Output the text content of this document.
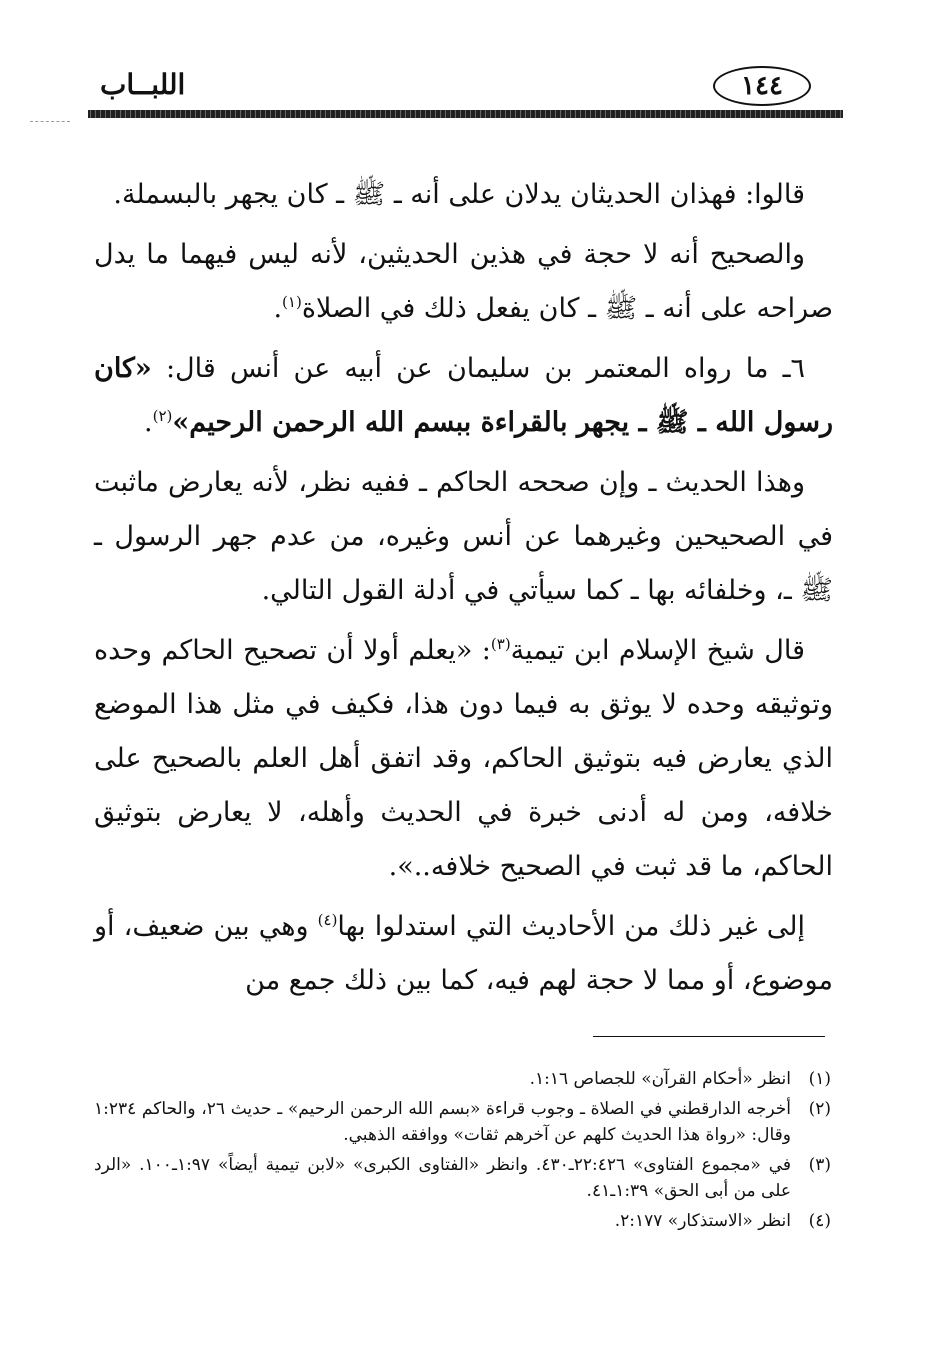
١٤٤
اللبــاب

قالوا: فهذان الحديثان يدلان على أنه ـ ﷺ ـ كان يجهر بالبسملة.

والصحيح أنه لا حجة في هذين الحديثين، لأنه ليس فيهما ما يدل صراحه على أنه ـ ﷺ ـ كان يفعل ذلك في الصلاة$^{(١)}$.

٦ـ ما رواه المعتمر بن سليمان عن أبيه عن أنس قال: «كان رسول الله ـ ﷺ ـ يجهر بالقراءة ببسم الله الرحمن الرحيم»$^{(٢)}$.

وهذا الحديث ـ وإن صححه الحاكم ـ ففيه نظر، لأنه يعارض ماثبت في الصحيحين وغيرهما عن أنس وغيره، من عدم جهر الرسول ـ ﷺ ـ، وخلفائه بها ـ كما سيأتي في أدلة القول التالي.

قال شيخ الإسلام ابن تيمية$^{(٣)}$: «يعلم أولا أن تصحيح الحاكم وحده وتوثيقه وحده لا يوثق به فيما دون هذا، فكيف في مثل هذا الموضع الذي يعارض فيه بتوثيق الحاكم، وقد اتفق أهل العلم بالصحيح على خلافه، ومن له أدنى خبرة في الحديث وأهله، لا يعارض بتوثيق الحاكم، ما قد ثبت في الصحيح خلافه..».

إلى غير ذلك من الأحاديث التي استدلوا بها$^{(٤)}$ وهي بين ضعيف، أو موضوع، أو مما لا حجة لهم فيه، كما بين ذلك جمع من

(١)
انظر «أحكام القرآن» للجصاص ١:١٦.
(٢)
أخرجه الدارقطني في الصلاة ـ وجوب قراءة «بسم الله الرحمن الرحيم» ـ حديث ٢٦، والحاكم ١:٢٣٤ وقال: «رواة هذا الحديث كلهم عن آخرهم ثقات» ووافقه الذهبي.
(٣)
في «مجموع الفتاوى» ٢٢:٤٢٦ـ٤٣٠. وانظر «الفتاوى الكبرى» «لابن تيمية أيضاً» ١:٩٧ـ١٠٠. «الرد على من أبى الحق» ١:٣٩ـ٤١.
(٤)
انظر «الاستذكار» ٢:١٧٧.
